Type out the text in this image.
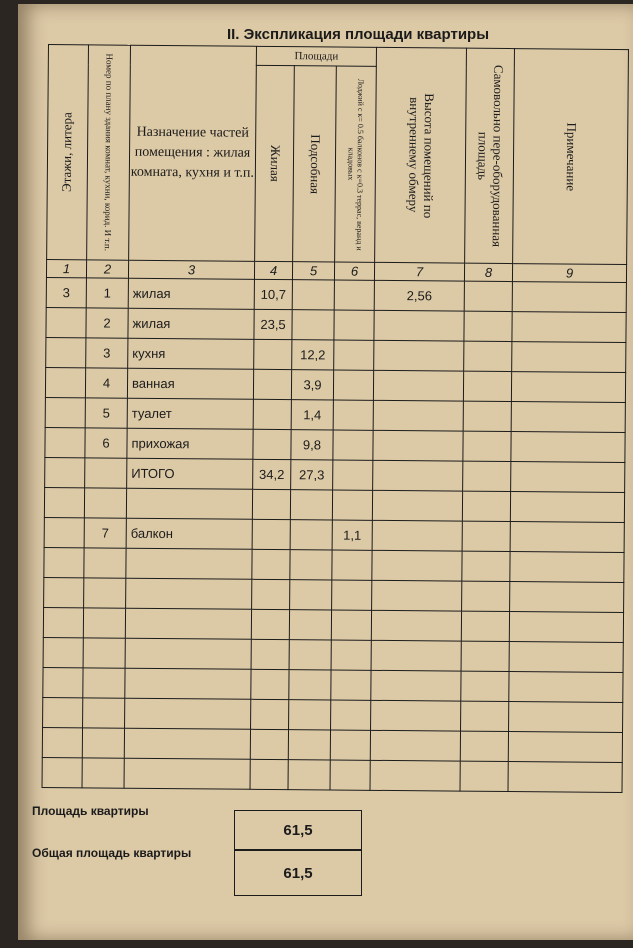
II. Экспликация площади квартиры
Этажи, литера	Номер по плану здания комнат, кухни, корид. И т.п.	Назначение частей помещения : жилая комната, кухня и т.п.	Площади			Высота помещений по внутреннему обмеру	Самовольно пере-оборудованная площадь	Примечание

			Жилая	Подсобная	Лоджий с к= 0.5 балконов с к=0.3 террас, веранд и кладовых			

1	2	3	4	5	6	7	8	9
3	1	жилая	10,7			2,56		
	2	жилая	23,5					
	3	кухня		12,2				
	4	ванная		3,9				
	5	туалет		1,4				
	6	прихожая		9,8				
		ИТОГО	34,2	27,3				

	7	балкон			1,1			

Площадь квартиры
61,5
Общая площадь квартиры
61,5
